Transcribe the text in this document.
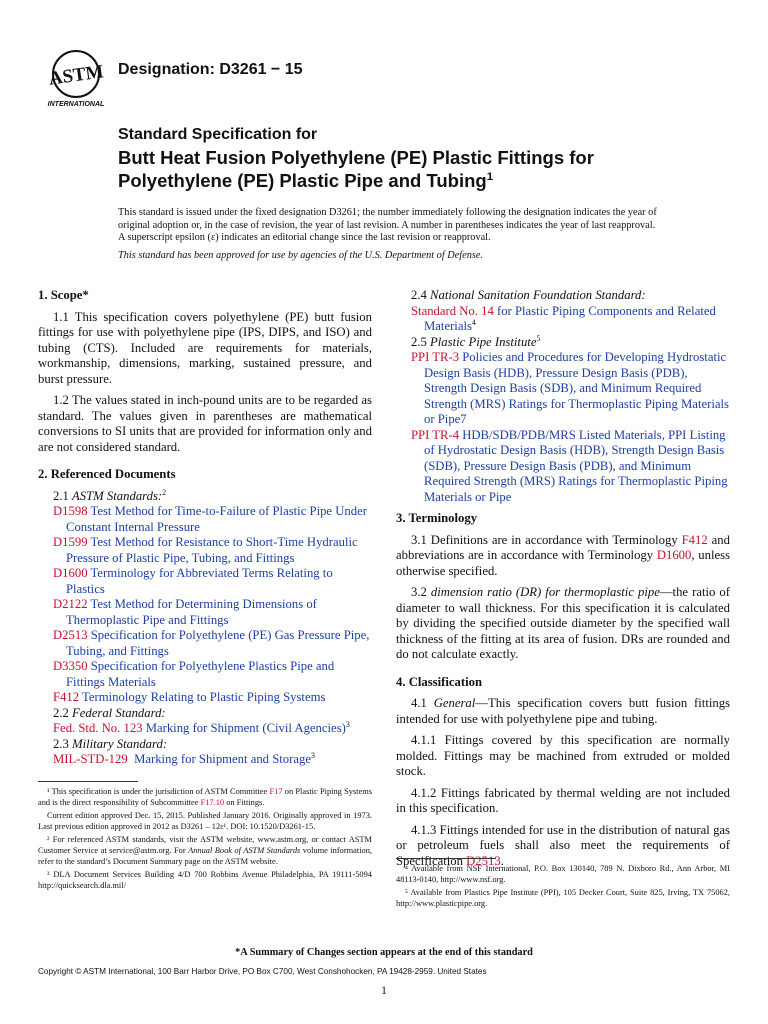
ASTM
INTERNATIONAL
Designation: D3261 − 15
Standard Specification for
Butt Heat Fusion Polyethylene (PE) Plastic Fittings for
Polyethylene (PE) Plastic Pipe and Tubing$^1$
This standard is issued under the fixed designation D3261; the number immediately following the designation indicates the year of original adoption or, in the case of revision, the year of last revision. A number in parentheses indicates the year of last reapproval. A superscript epsilon (ε) indicates an editorial change since the last revision or reapproval.
This standard has been approved for use by agencies of the U.S. Department of Defense.

1. Scope*

1.1 This specification covers polyethylene (PE) butt fusion fittings for use with polyethylene pipe (IPS, DIPS, and ISO) and tubing (CTS). Included are requirements for materials, workmanship, dimensions, marking, sustained pressure, and burst pressure.

1.2 The values stated in inch-pound units are to be regarded as standard. The values given in parentheses are mathematical conversions to SI units that are provided for information only and are not considered standard.

2. Referenced Documents

2.1 ASTM Standards:$^2$

D1598 Test Method for Time-to-Failure of Plastic Pipe Under Constant Internal Pressure

D1599 Test Method for Resistance to Short-Time Hydraulic Pressure of Plastic Pipe, Tubing, and Fittings

D1600 Terminology for Abbreviated Terms Relating to Plastics

D2122 Test Method for Determining Dimensions of Thermoplastic Pipe and Fittings

D2513 Specification for Polyethylene (PE) Gas Pressure Pipe, Tubing, and Fittings

D3350 Specification for Polyethylene Plastics Pipe and Fittings Materials

F412 Terminology Relating to Plastic Piping Systems

2.2 Federal Standard:

Fed. Std. No. 123 Marking for Shipment (Civil Agencies)$^3$

2.3 Military Standard:

MIL-STD-129 Marking for Shipment and Storage$^3$

2.4 National Sanitation Foundation Standard:

Standard No. 14 for Plastic Piping Components and Related Materials$^4$

2.5 Plastic Pipe Institute$^5$

PPI TR-3 Policies and Procedures for Developing Hydrostatic Design Basis (HDB), Pressure Design Basis (PDB), Strength Design Basis (SDB), and Minimum Required Strength (MRS) Ratings for Thermoplastic Piping Materials or Pipe7

PPI TR-4 HDB/SDB/PDB/MRS Listed Materials, PPI Listing of Hydrostatic Design Basis (HDB), Strength Design Basis (SDB), Pressure Design Basis (PDB), and Minimum Required Strength (MRS) Ratings for Thermoplastic Piping Materials or Pipe

3. Terminology

3.1 Definitions are in accordance with Terminology F412 and abbreviations are in accordance with Terminology D1600, unless otherwise specified.

3.2 dimension ratio (DR) for thermoplastic pipe—the ratio of diameter to wall thickness. For this specification it is calculated by dividing the specified outside diameter by the specified wall thickness of the fitting at its area of fusion. DRs are rounded and do not calculate exactly.

4. Classification

4.1 General—This specification covers butt fusion fittings intended for use with polyethylene pipe and tubing.

4.1.1 Fittings covered by this specification are normally molded. Fittings may be machined from extruded or molded stock.

4.1.2 Fittings fabricated by thermal welding are not included in this specification.

4.1.3 Fittings intended for use in the distribution of natural gas or petroleum fuels shall also meet the requirements of Specification D2513.

¹ This specification is under the jurisdiction of ASTM Committee F17 on Plastic Piping Systems and is the direct responsibility of Subcommittee F17.10 on Fittings.

Current edition approved Dec. 15, 2015. Published January 2016. Originally approved in 1973. Last previous edition approved in 2012 as D3261 – 12ε¹. DOI: 10.1520/D3261-15.

² For referenced ASTM standards, visit the ASTM website, www.astm.org, or contact ASTM Customer Service at service@astm.org. For Annual Book of ASTM Standards volume information, refer to the standard’s Document Summary page on the ASTM website.

³ DLA Document Services Building 4/D 700 Robbins Avenue Philadelphia, PA 19111-5094 http://quicksearch.dla.mil/

⁴ Available from NSF International, P.O. Box 130140, 789 N. Dixboro Rd., Ann Arbor, MI 48113-0140, http://www.nsf.org.

⁵ Available from Plastics Pipe Institute (PPI), 105 Decker Court, Suite 825, Irving, TX 75062, http://www.plasticpipe.org.

*A Summary of Changes section appears at the end of this standard
Copyright © ASTM International, 100 Barr Harbor Drive, PO Box C700, West Conshohocken, PA 19428-2959. United States
1
